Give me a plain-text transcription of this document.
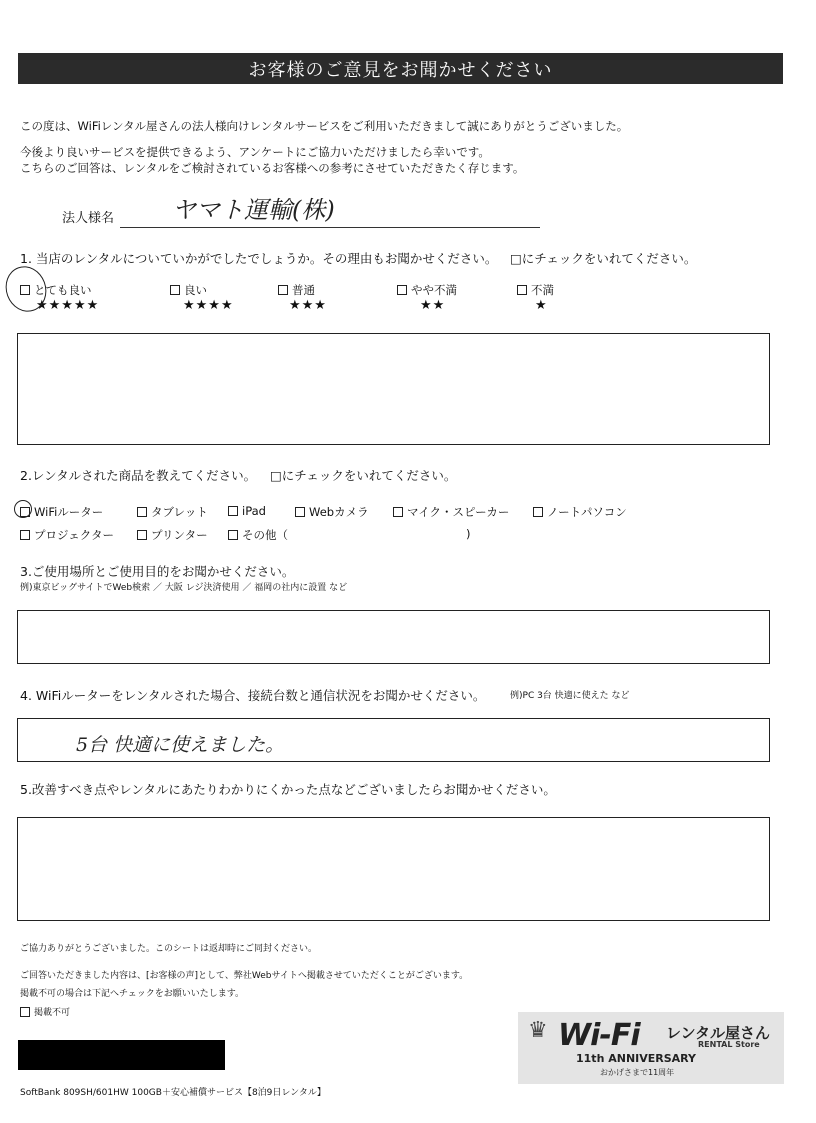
お客様のご意見をお聞かせください
この度は、WiFiレンタル屋さんの法人様向けレンタルサービスをご利用いただきまして誠にありがとうございました。
今後より良いサービスを提供できるよう、アンケートにご協力いただけましたら幸いです。
こちらのご回答は、レンタルをご検討されているお客様への参考にさせていただきたく存じます。
法人様名 ヤマト運輸(株)
1. 当店のレンタルについていかがでしたでしょうか。その理由もお聞かせください。 □にチェックをいれてください。
とても良い
★★★★★
良い
★★★★
普通
★★★
やや不満
★★
不満
★
2.レンタルされた商品を教えてください。 □にチェックをいれてください。
WiFiルーター	タブレット	iPad	Webカメラ	マイク・スピーカー	ノートパソコン
プロジェクター	プリンター	その他（	)
3.ご使用場所とご使用目的をお聞かせください。
例)東京ビッグサイトでWeb検索 ／ 大阪 レジ決済使用 ／ 福岡の社内に設置 など
4. WiFiルーターをレンタルされた場合、接続台数と通信状況をお聞かせください。	例)PC 3台 快適に使えた など
5台 快適に使えました。
5.改善すべき点やレンタルにあたりわかりにくかった点などございましたらお聞かせください。
ご協力ありがとうございました。このシートは返却時にご同封ください。
ご回答いただきました内容は、[お客様の声]として、弊社Webサイトへ掲載させていただくことがございます。
掲載不可の場合は下記へチェックをお願いいたします。
掲載不可
SoftBank 809SH/601HW 100GB＋安心補償サービス【8泊9日レンタル】
♛ Wi-Fi レンタル屋さん
RENTAL Store
11th ANNIVERSARY
おかげさまで11周年
